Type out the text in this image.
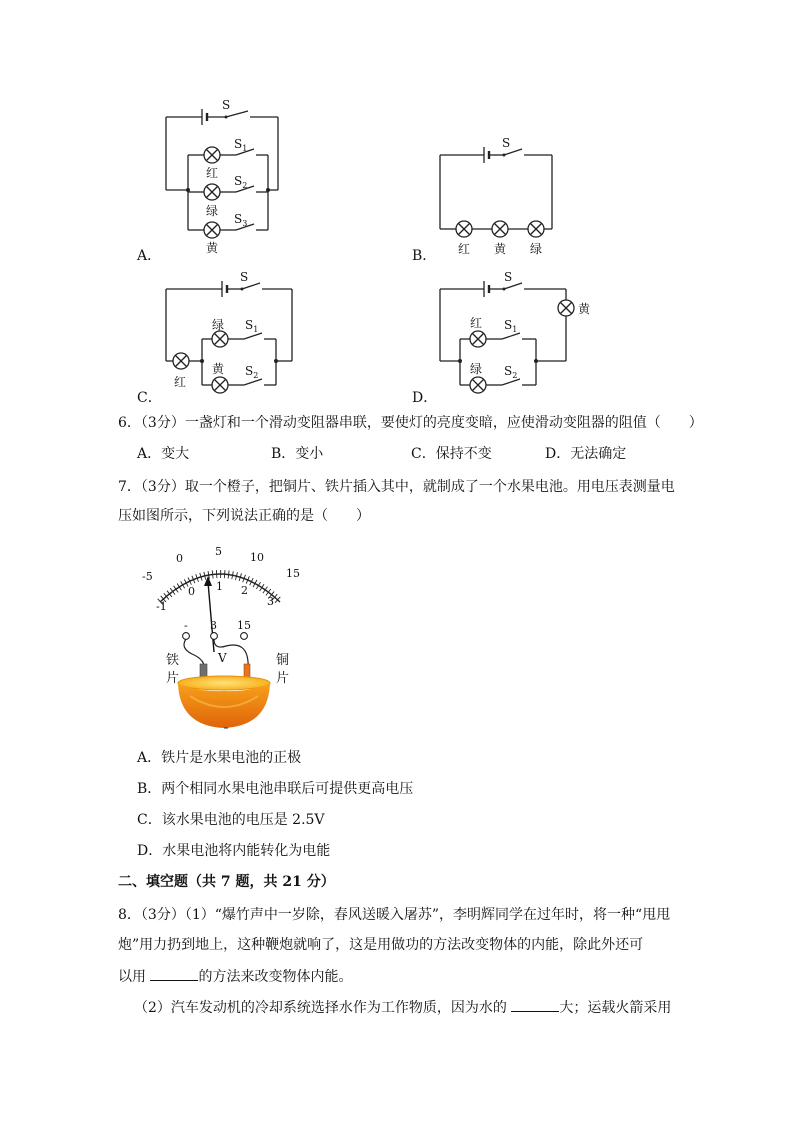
S
$S_1$
$S_2$
$S_3$
红
绿
黄
A．
S
红 黄 绿
B．
S
绿
黄
$S_1$
$S_2$
红
C．
S
黄
红 $S_1$
绿 $S_2$
D．
6．（3分）一盏灯和一个滑动变阻器串联，要使灯的亮度变暗，应使滑动变阻器的阻值（　　）
A．变大	B．变小	C．保持不变	D．无法确定
7．（3分）取一个橙子，把铜片、铁片插入其中，就制成了一个水果电池。用电压表测量电
压如图所示，下列说法正确的是（　　）
-5
0
5	10
15
-1
0 1 2
3
- 3 15
V
铁
片
铜
片
A．铁片是水果电池的正极
B．两个相同水果电池串联后可提供更高电压
C．该水果电池的电压是 2.5V
D．水果电池将内能转化为电能
二、填空题（共 7 题，共 21 分）
8．（3分）（1）“爆竹声中一岁除，春风送暖入屠苏”，李明辉同学在过年时，将一种“甩甩
炮”用力扔到地上，这种鞭炮就响了，这是用做功的方法改变物体的内能，除此外还可
以用	的方法来改变物体内能。
（2）汽车发动机的冷却系统选择水作为工作物质，因为水的	大；运载火箭采用
